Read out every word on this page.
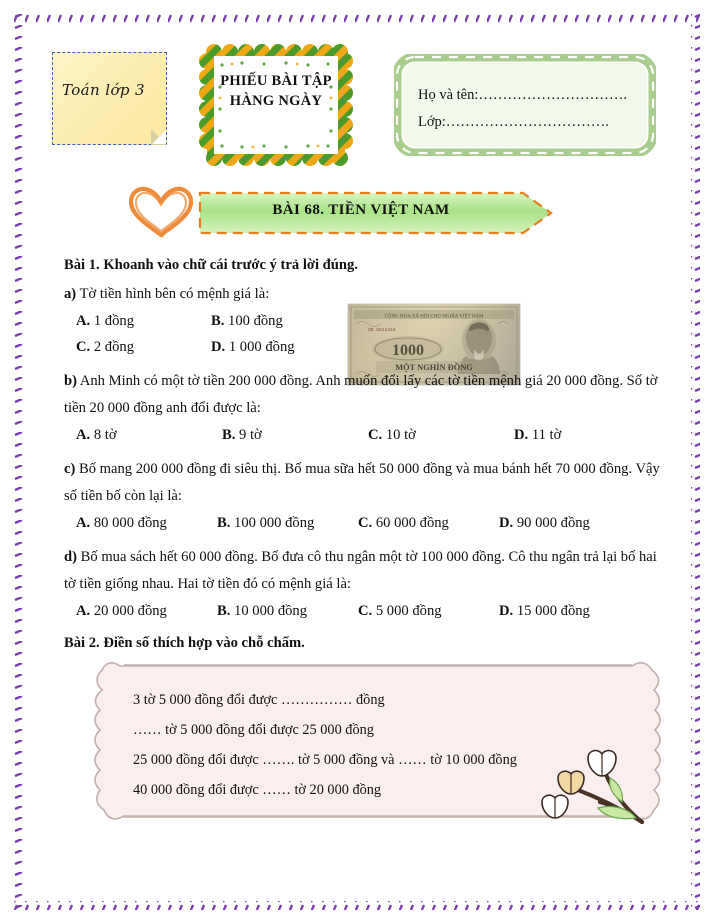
Toán lớp 3	PHIẾU BÀI TẬP
HÀNG NGÀY	Họ và tên:………………………….
Lớp:…………………………….
BÀI 68. TIỀN VIỆT NAM

Bài 1. Khoanh vào chữ cái trước ý trả lời đúng.

a) Tờ tiền hình bên có mệnh giá là:

CỘNG HÒA XÃ HỘI CHỦ NGHĨA VIỆT NAM
ZB 5813418
1000
MỘT NGHÌN ĐỒNG
A. 1 đồng	B. 100 đồng
C. 2 đồng	D. 1 000 đồng

b) Anh Minh có một tờ tiền 200 000 đồng. Anh muốn đổi lấy các tờ tiền mệnh giá 20 000 đồng. Số tờ tiền 20 000 đồng anh đổi được là:

A. 8 tờ	B. 9 tờ	C. 10 tờ	D. 11 tờ

c) Bố mang 200 000 đồng đi siêu thị. Bố mua sữa hết 50 000 đồng và mua bánh hết 70 000 đồng. Vậy số tiền bố còn lại là:

A. 80 000 đồng	B. 100 000 đồng	C. 60 000 đồng	D. 90 000 đồng

d) Bố mua sách hết 60 000 đồng. Bố đưa cô thu ngân một tờ 100 000 đồng. Cô thu ngân trả lại bố hai tờ tiền giống nhau. Hai tờ tiền đó có mệnh giá là:

A. 20 000 đồng	B. 10 000 đồng	C. 5 000 đồng	D. 15 000 đồng

Bài 2. Điền số thích hợp vào chỗ chấm.

3 tờ 5 000 đồng đổi được …………… đồng
…… tờ 5 000 đồng đổi được 25 000 đồng
25 000 đồng đổi được ……. tờ 5 000 đồng và …… tờ 10 000 đồng
40 000 đồng đổi được …… tờ 20 000 đồng
